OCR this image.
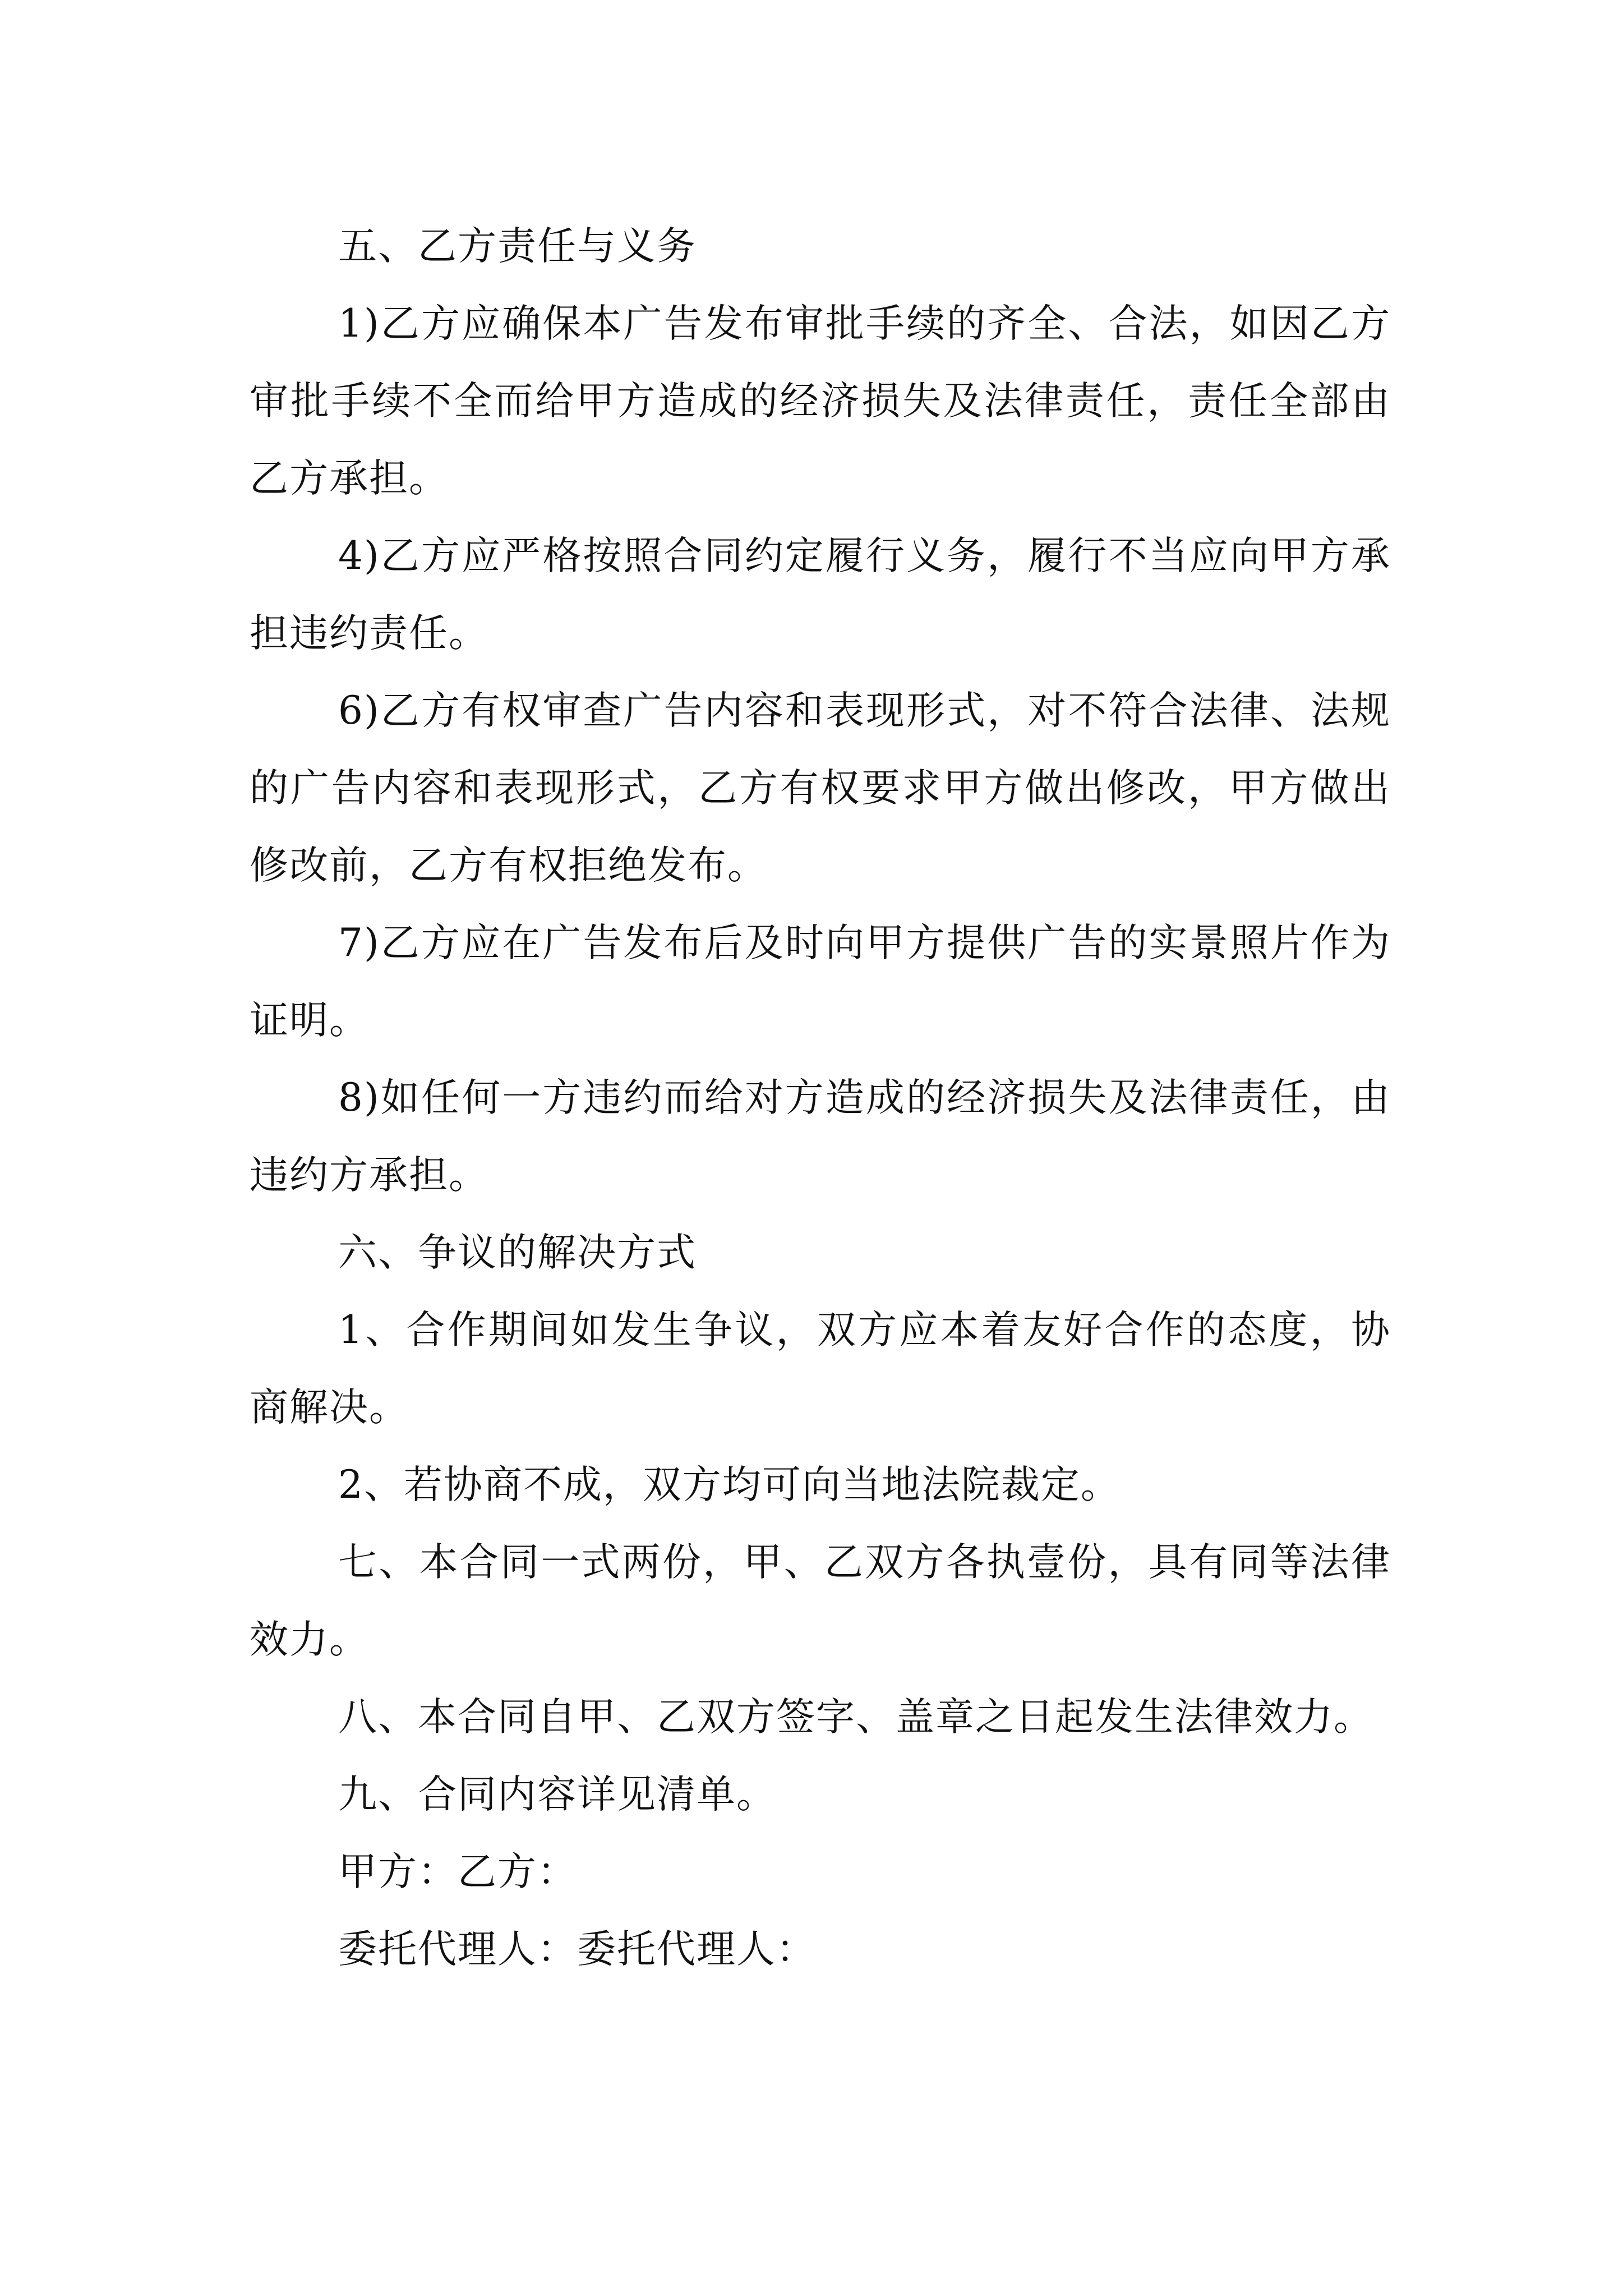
五、乙方责任与义务

1)乙方应确保本广告发布审批手续的齐全、合法，如因乙方审批手续不全而给甲方造成的经济损失及法律责任，责任全部由乙方承担。

4)乙方应严格按照合同约定履行义务，履行不当应向甲方承担违约责任。

6)乙方有权审查广告内容和表现形式，对不符合法律、法规的广告内容和表现形式，乙方有权要求甲方做出修改，甲方做出修改前，乙方有权拒绝发布。

7)乙方应在广告发布后及时向甲方提供广告的实景照片作为证明。

8)如任何一方违约而给对方造成的经济损失及法律责任，由违约方承担。

六、争议的解决方式

1、合作期间如发生争议，双方应本着友好合作的态度，协商解决。

2、若协商不成，双方均可向当地法院裁定。

七、本合同一式两份，甲、乙双方各执壹份，具有同等法律效力。

八、本合同自甲、乙双方签字、盖章之日起发生法律效力。

九、合同内容详见清单。

甲方：乙方：

委托代理人：委托代理人：
